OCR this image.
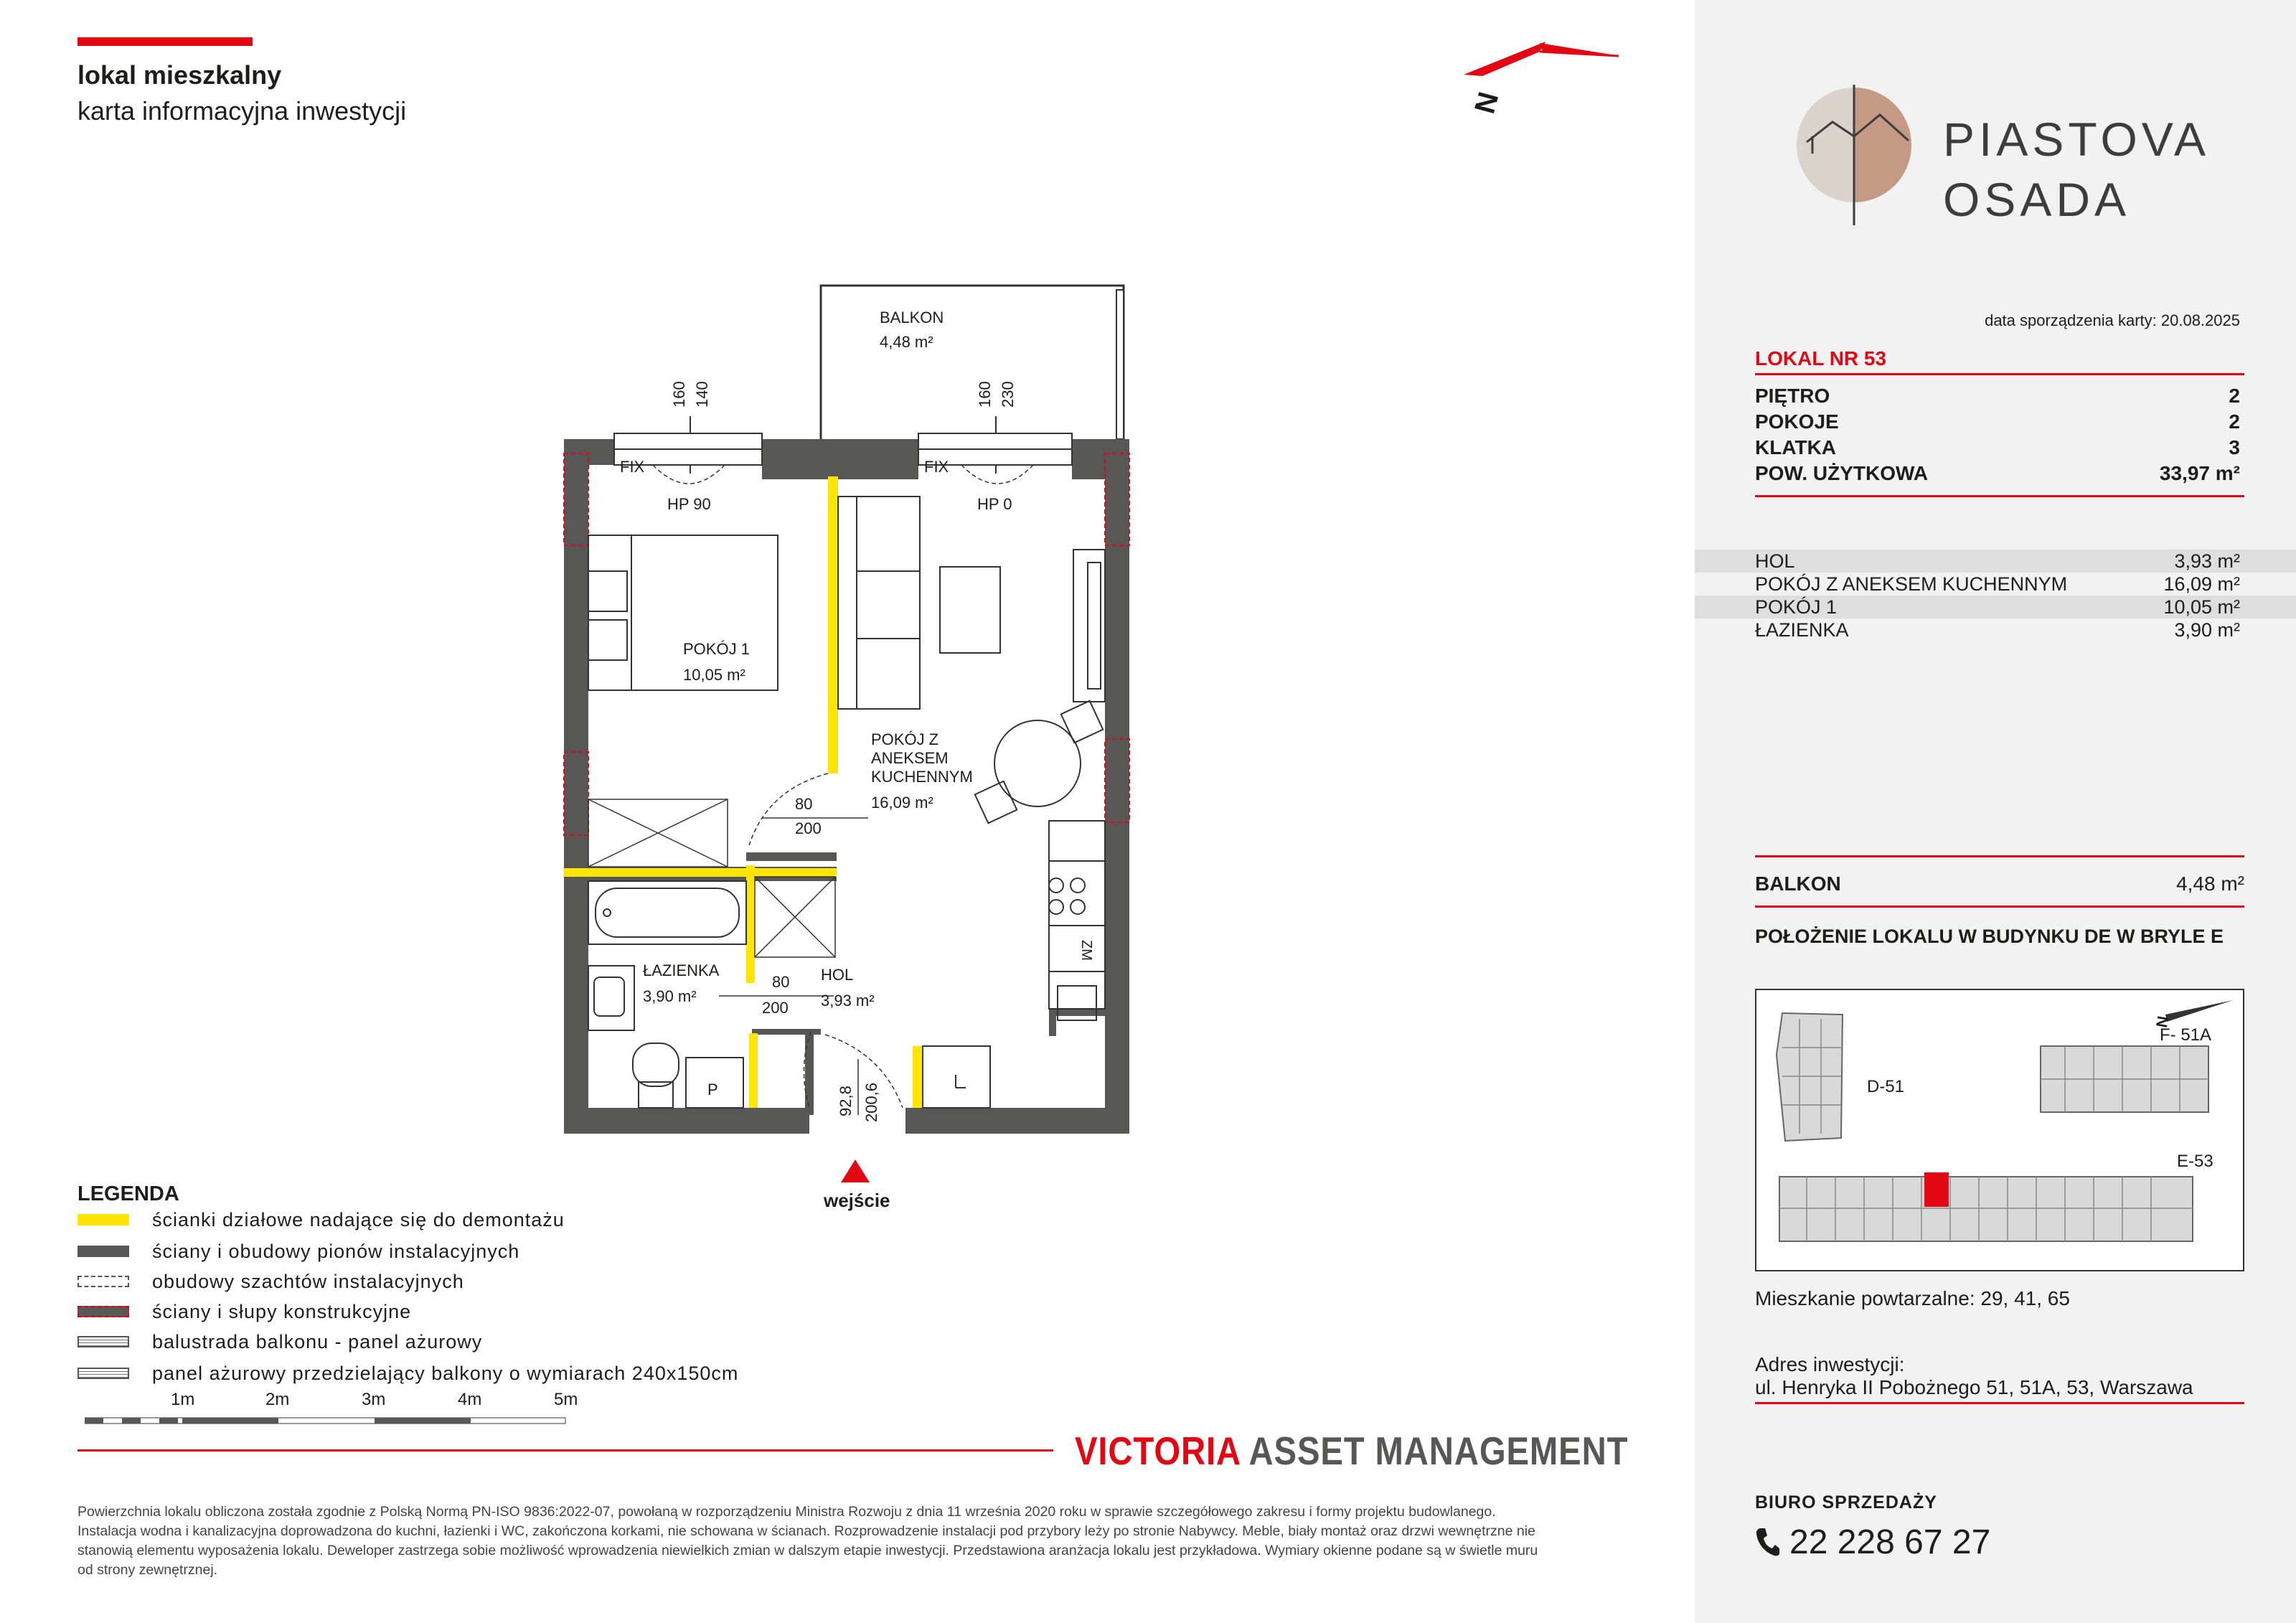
PIASTOVA
OSADA
data sporządzenia karty: 20.08.2025
LOKAL NR 53
PIĘTRO	2
POKOJE	2
KLATKA	3
POW. UŻYTKOWA	33,97 m²
HOL	3,93 m²
POKÓJ Z ANEKSEM KUCHENNYM	16,09 m²
POKÓJ 1	10,05 m²
ŁAZIENKA	3,90 m²
BALKON	4,48 m²
POŁOŻENIE LOKALU W BUDYNKU DE W BRYLE E
D-51
F- 51A
N
E-53
Mieszkanie powtarzalne: 29, 41, 65
Adres inwestycji:
ul. Henryka II Pobożnego 51, 51A, 53, Warszawa
BIURO SPRZEDAŻY
22 228 67 27
lokal mieszkalny
karta informacyjna inwestycji	N
BALKON
4,48 m²
160 140	160 230
FIX	FIX
HP 90	HP 0
POKÓJ 1
10,05 m²
POKÓJ Z
ANEKSEM
KUCHENNYM
16,09 m²
ZM
ŁAZIENKA
3,90 m²
P
80
200
80
200
HOL
3,93 m²
92,8 200,6
wejście
LEGENDA
ścianki działowe nadające się do demontażu
ściany i obudowy pionów instalacyjnych
obudowy szachtów instalacyjnych
ściany i słupy konstrukcyjne
balustrada balkonu - panel ażurowy
panel ażurowy przedzielający balkony o wymiarach 240x150cm
1m	2m	3m	4m	5m
VICTORIA ASSET MANAGEMENT
Powierzchnia lokalu obliczona została zgodnie z Polską Normą PN-ISO 9836:2022-07, powołaną w rozporządzeniu Ministra Rozwoju z dnia 11 września 2020 roku w sprawie szczegółowego zakresu i formy projektu budowlanego. Instalacja wodna i kanalizacyjna doprowadzona do kuchni, łazienki i WC, zakończona korkami, nie schowana w ścianach. Rozprowadzenie instalacji pod przybory leży po stronie Nabywcy. Meble, biały montaż oraz drzwi wewnętrzne nie stanowią elementu wyposażenia lokalu. Deweloper zastrzega sobie możliwość wprowadzenia niewielkich zmian w dalszym etapie inwestycji. Przedstawiona aranżacja lokalu jest przykładowa. Wymiary okienne podane są w świetle muru od strony zewnętrznej.
